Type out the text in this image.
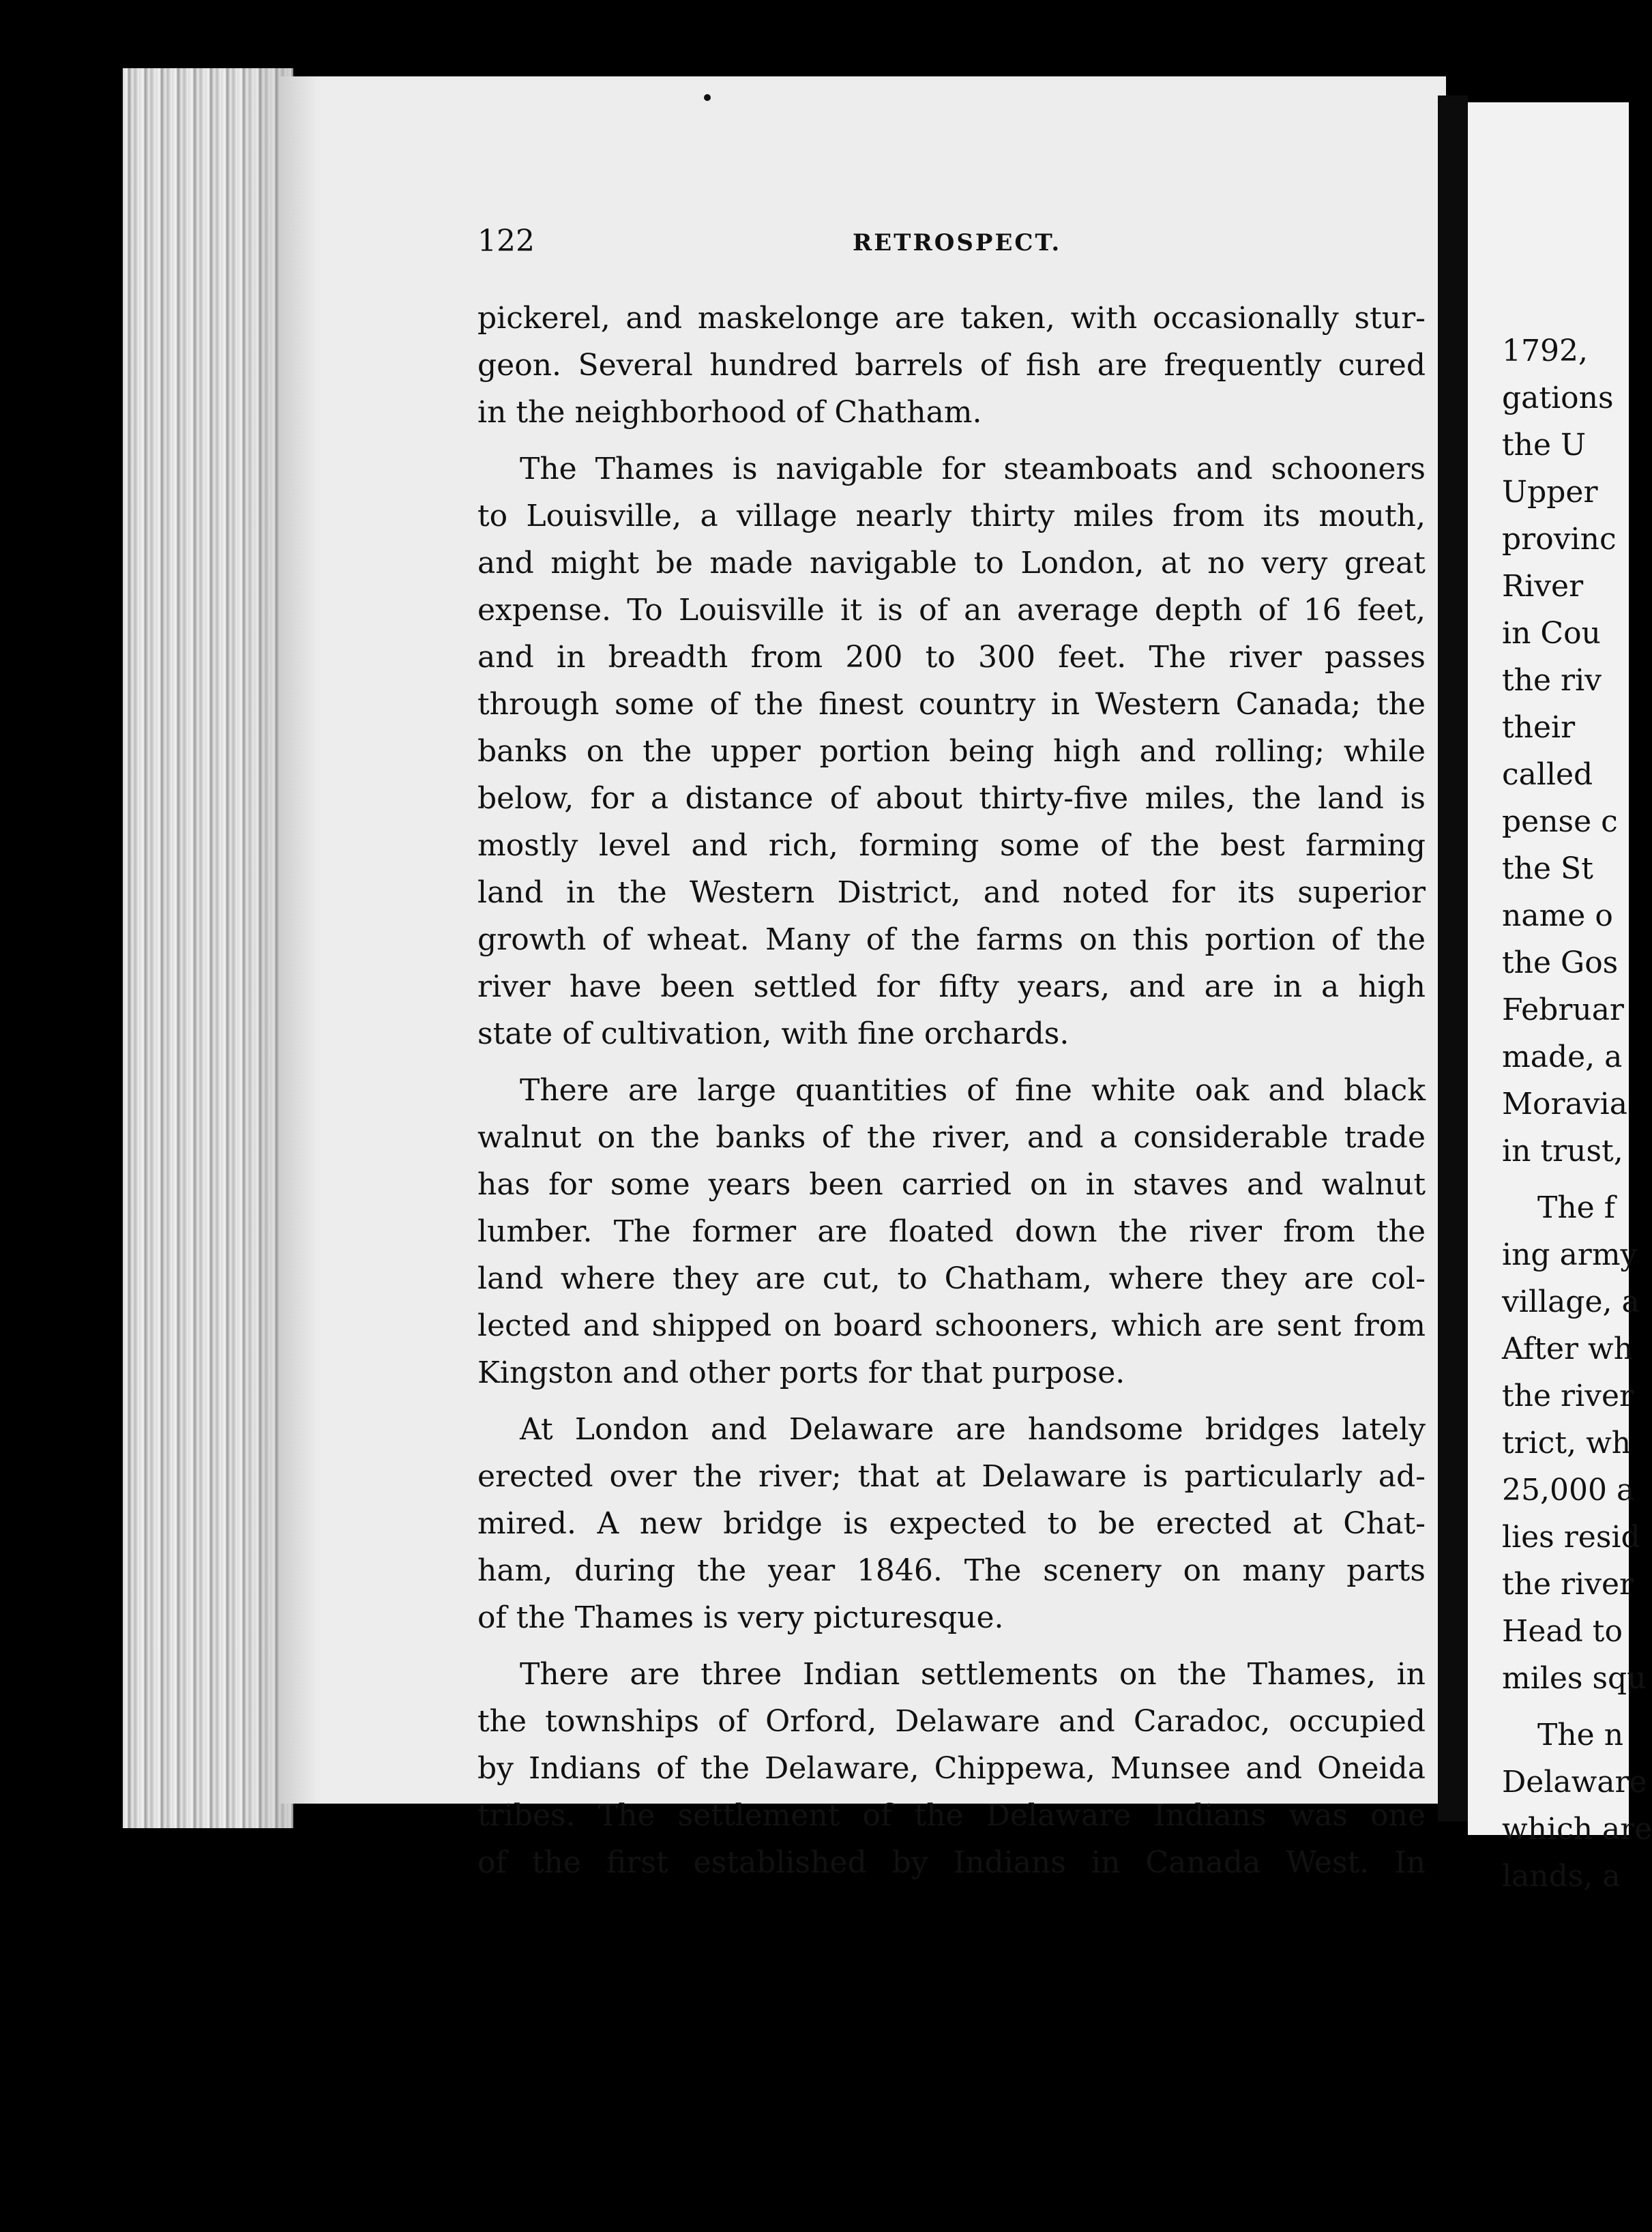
122	RETROSPECT.

pickerel, and maskelonge are taken, with occasionally stur-
geon. Several hundred barrels of fish are frequently cured
in the neighborhood of Chatham.

The Thames is navigable for steamboats and schooners
to Louisville, a village nearly thirty miles from its mouth,
and might be made navigable to London, at no very great
expense. To Louisville it is of an average depth of 16 feet,
and in breadth from 200 to 300 feet. The river passes
through some of the finest country in Western Canada; the
banks on the upper portion being high and rolling; while
below, for a distance of about thirty-five miles, the land is
mostly level and rich, forming some of the best farming
land in the Western District, and noted for its superior
growth of wheat. Many of the farms on this portion of the
river have been settled for fifty years, and are in a high
state of cultivation, with fine orchards.

There are large quantities of fine white oak and black
walnut on the banks of the river, and a considerable trade
has for some years been carried on in staves and walnut
lumber. The former are floated down the river from the
land where they are cut, to Chatham, where they are col-
lected and shipped on board schooners, which are sent from
Kingston and other ports for that purpose.

At London and Delaware are handsome bridges lately
erected over the river; that at Delaware is particularly ad-
mired. A new bridge is expected to be erected at Chat-
ham, during the year 1846. The scenery on many parts
of the Thames is very picturesque.

There are three Indian settlements on the Thames, in
the townships of Orford, Delaware and Caradoc, occupied
by Indians of the Delaware, Chippewa, Munsee and Oneida
tribes. The settlement of the Delaware Indians was one
of the first established by Indians in Canada West. In

1792,
gations
the U
Upper
provinc
River
in Cou
the riv
their
called
pense c
the St
name o
the Gos
Februar
made, a
Moravia
in trust,
The f
ing army
village, a
After wh
the river
trict, wh
25,000 a
lies resid
the river
Head to
miles squ
The n
Delaware
which are
lands, a
